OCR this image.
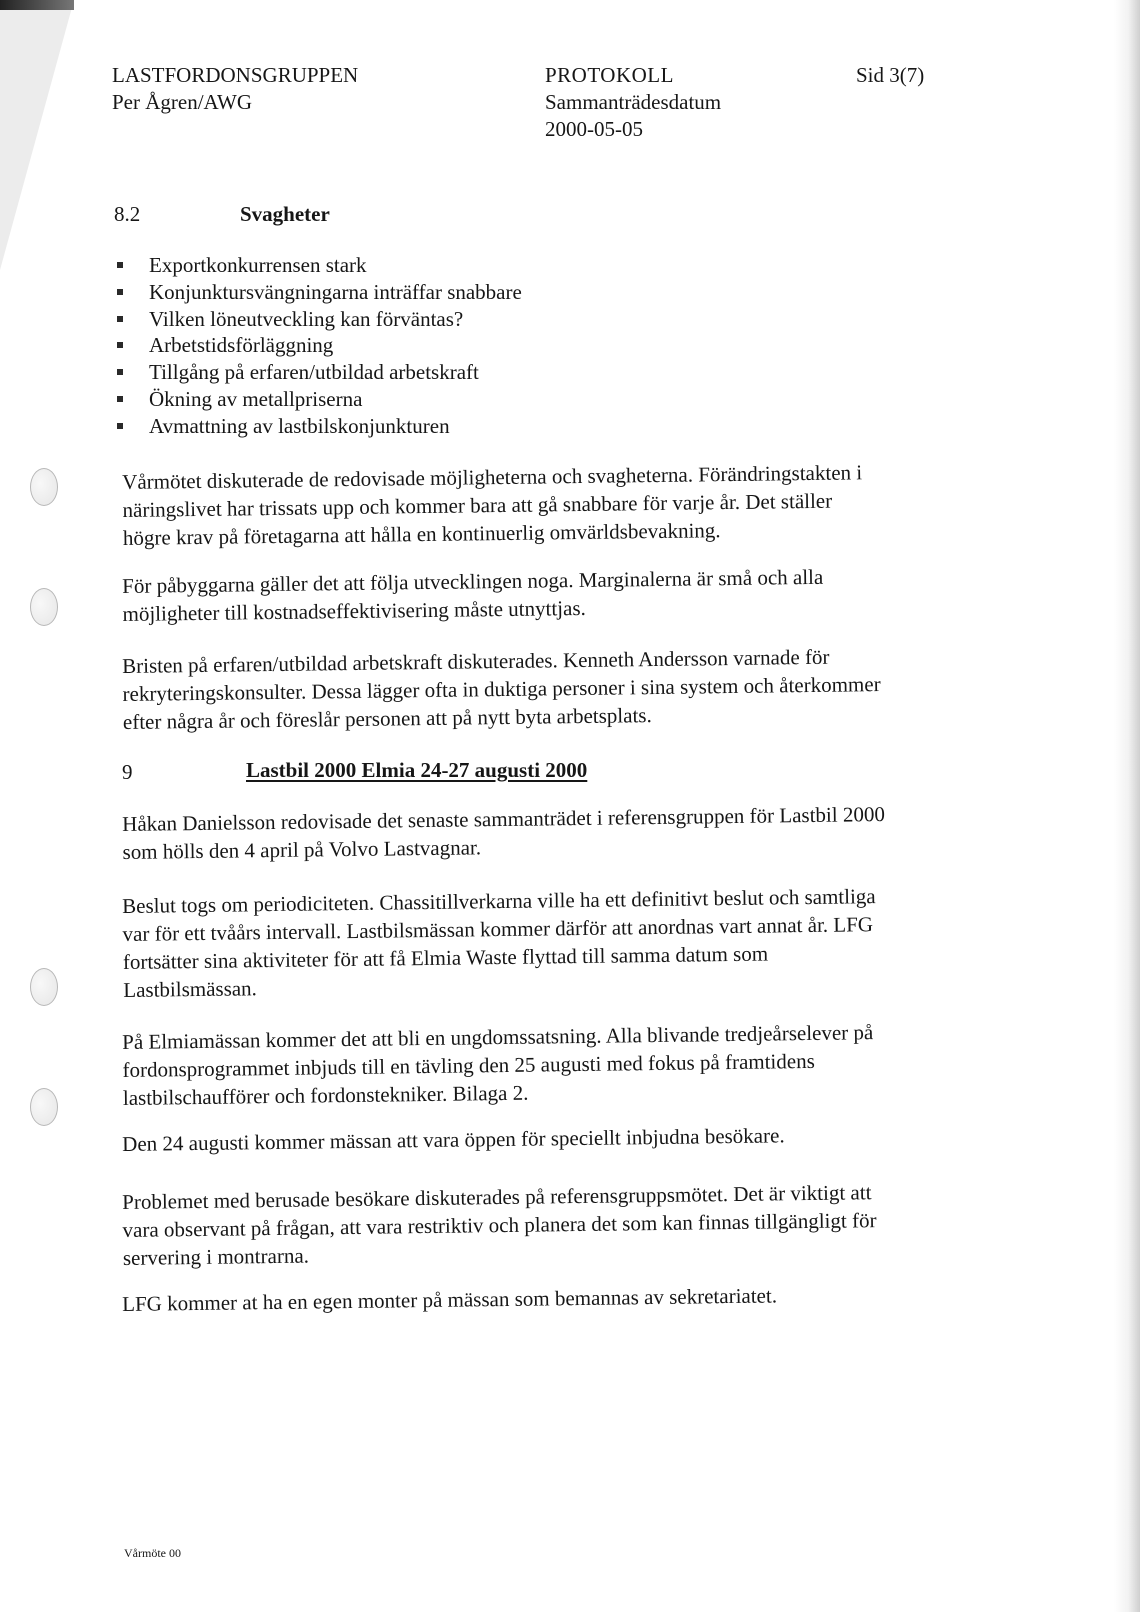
LASTFORDONSGRUPPEN
Per Ågren/AWG
PROTOKOLL
Sammanträdesdatum
2000-05-05
Sid 3(7)
8.2	Svagheter
Exportkonkurrensen stark
Konjunktursvängningarna inträffar snabbare
Vilken löneutveckling kan förväntas?
Arbetstidsförläggning
Tillgång på erfaren/utbildad arbetskraft
Ökning av metallpriserna
Avmattning av lastbilskonjunkturen

Vårmötet diskuterade de redovisade möjligheterna och svagheterna. Förändringstakten i
näringslivet har trissats upp och kommer bara att gå snabbare för varje år. Det ställer
högre krav på företagarna att hålla en kontinuerlig omvärldsbevakning.

För påbyggarna gäller det att följa utvecklingen noga. Marginalerna är små och alla
möjligheter till kostnadseffektivisering måste utnyttjas.

Bristen på erfaren/utbildad arbetskraft diskuterades. Kenneth Andersson varnade för
rekryteringskonsulter. Dessa lägger ofta in duktiga personer i sina system och återkommer
efter några år och föreslår personen att på nytt byta arbetsplats.

9	Lastbil 2000 Elmia 24-27 augusti 2000

Håkan Danielsson redovisade det senaste sammanträdet i referensgruppen för Lastbil 2000
som hölls den 4 april på Volvo Lastvagnar.

Beslut togs om periodiciteten. Chassitillverkarna ville ha ett definitivt beslut och samtliga
var för ett tvåårs intervall. Lastbilsmässan kommer därför att anordnas vart annat år. LFG
fortsätter sina aktiviteter för att få Elmia Waste flyttad till samma datum som
Lastbilsmässan.

På Elmiamässan kommer det att bli en ungdomssatsning. Alla blivande tredjeårselever på
fordonsprogrammet inbjuds till en tävling den 25 augusti med fokus på framtidens
lastbilschaufförer och fordonstekniker. Bilaga 2.

Den 24 augusti kommer mässan att vara öppen för speciellt inbjudna besökare.

Problemet med berusade besökare diskuterades på referensgruppsmötet. Det är viktigt att
vara observant på frågan, att vara restriktiv och planera det som kan finnas tillgängligt för
servering i montrarna.

LFG kommer at ha en egen monter på mässan som bemannas av sekretariatet.

Vårmöte 00
